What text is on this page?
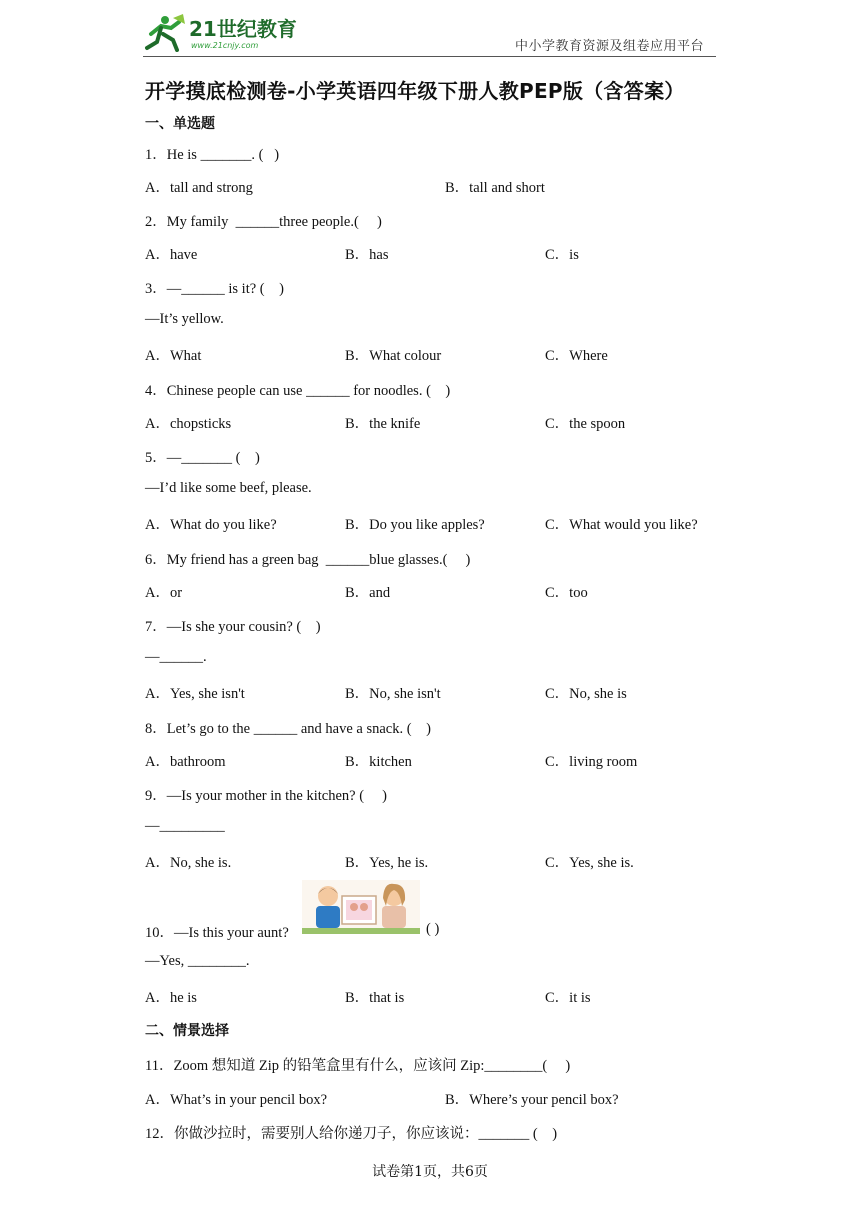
21世纪教育
www.21cnjy.com	中小学教育资源及组卷应用平台
开学摸底检测卷-小学英语四年级下册人教PEP版（含答案）
一、单选题
1．He is _______. (   )
A．tall and strong	B．tall and short
2．My family  ______three people.(     )
A．have	B．has	C．is
3．—______ is it? (    )
—It’s yellow.
A．What	B．What colour	C．Where
4．Chinese people can use ______ for noodles. (    )
A．chopsticks	B．the knife	C．the spoon
5．—_______ (    )
—I’d like some beef, please.
A．What do you like?	B．Do you like apples?	C．What would you like?
6．My friend has a green bag  ______blue glasses.(     )
A．or	B．and	C．too
7．—Is she your cousin? (    )
—______.
A．Yes, she isn't	B．No, she isn't	C．No, she is
8．Let’s go to the ______ and have a snack. (    )
A．bathroom	B．kitchen	C．living room
9．—Is your mother in the kitchen? (     )
—_________
A．No, she is.	B．Yes, he is.	C．Yes, she is.
10．—Is this your aunt?	( )
—Yes, ________.
A．he is	B．that is	C．it is
二、情景选择
11．Zoom 想知道 Zip 的铅笔盒里有什么，应该问 Zip:________(     )
A．What’s in your pencil box?	B．Where’s your pencil box?
12．你做沙拉时，需要别人给你递刀子，你应该说：_______ (    )
试卷第1页，共6页
